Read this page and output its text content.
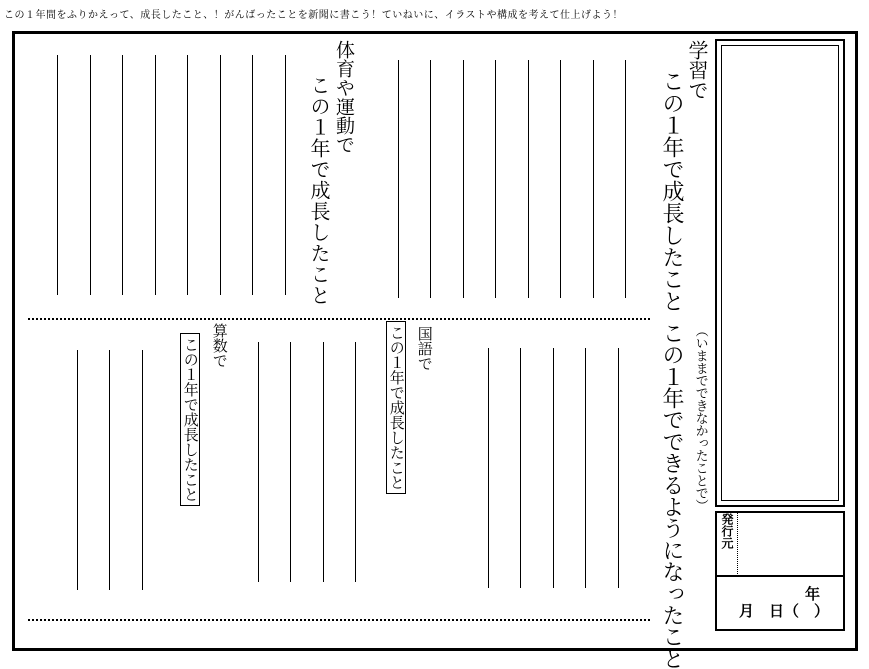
この１年間をふりかえって、成長したこと、！がんばったことを新聞に書こう！ていねいに、イラストや構成を考えて仕上げよう！
学習で
この１年で成長したこと
この１年でできるようになったこと （いままでできなかったことで）
体育や運動で
この１年で成長したこと
国語で
この１年で成長したこと
算数で
この１年で成長したこと
発行元
年
月　日（　）
